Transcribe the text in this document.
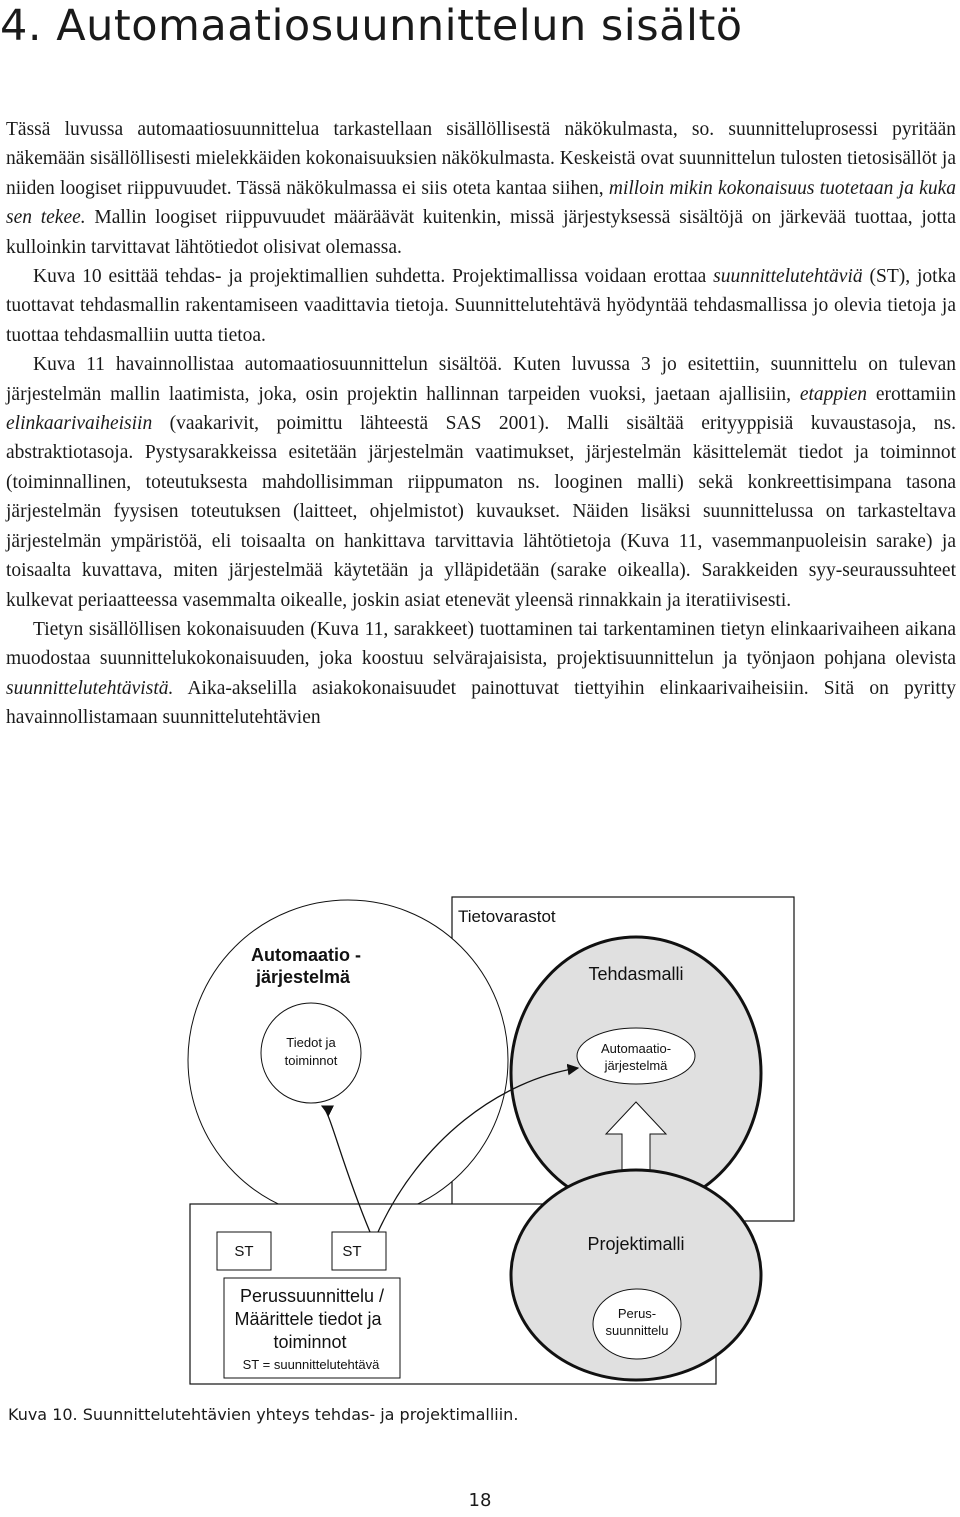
4. Automaatiosuunnittelun sisältö

Tässä luvussa automaatiosuunnittelua tarkastellaan sisällöllisestä näkökulmasta, so. suunnitteluprosessi pyritään näkemään sisällöllisesti mielekkäiden kokonaisuuksien näkökulmasta. Keskeistä ovat suunnittelun tulosten tietosisällöt ja niiden loogiset riippuvuudet. Tässä näkökulmassa ei siis oteta kantaa siihen, milloin mikin kokonaisuus tuotetaan ja kuka sen tekee. Mallin loogiset riippuvuudet määräävät kuitenkin, missä järjestyksessä sisältöjä on järkevää tuottaa, jotta kulloinkin tarvittavat lähtötiedot olisivat olemassa.

Kuva 10 esittää tehdas- ja projektimallien suhdetta. Projektimallissa voidaan erottaa suunnittelutehtäviä (ST), jotka tuottavat tehdasmallin rakentamiseen vaadittavia tietoja. Suunnittelutehtävä hyödyntää tehdasmallissa jo olevia tietoja ja tuottaa tehdasmalliin uutta tietoa.

Kuva 11 havainnollistaa automaatiosuunnittelun sisältöä. Kuten luvussa 3 jo esitettiin, suunnittelu on tulevan järjestelmän mallin laatimista, joka, osin projektin hallinnan tarpeiden vuoksi, jaetaan ajallisiin, etappien erottamiin elinkaarivaiheisiin (vaakarivit, poimittu lähteestä SAS 2001). Malli sisältää erityyppisiä kuvaustasoja, ns. abstraktiotasoja. Pystysarakkeissa esitetään järjestelmän vaatimukset, järjestelmän käsittelemät tiedot ja toiminnot (toiminnallinen, toteutuksesta mahdollisimman riippumaton ns. looginen malli) sekä konkreettisimpana tasona järjestelmän fyysisen toteutuksen (laitteet, ohjelmistot) kuvaukset. Näiden lisäksi suunnittelussa on tarkasteltava järjestelmän ympäristöä, eli toisaalta on hankittava tarvittavia lähtötietoja (Kuva 11, vasemmanpuoleisin sarake) ja toisaalta kuvattava, miten järjestelmää käytetään ja ylläpidetään (sarake oikealla). Sarakkeiden syy-seuraussuhteet kulkevat periaatteessa vasemmalta oikealle, joskin asiat etenevät yleensä rinnakkain ja iteratiivisesti.

Tietyn sisällöllisen kokonaisuuden (Kuva 11, sarakkeet) tuottaminen tai tarkentaminen tietyn elinkaarivaiheen aikana muodostaa suunnittelukokonaisuuden, joka koostuu selvärajaisista, projektisuunnittelun ja työnjaon pohjana olevista suunnittelutehtävistä. Aika-akselilla asiakokonaisuudet painottuvat tiettyihin elinkaarivaiheisiin. Sitä on pyritty havainnollistamaan suunnittelutehtävien

Tietovarastot
Automaatio -
järjestelmä
Tiedot ja
toiminnot
Tehdasmalli
Automaatio-
järjestelmä
Projektimalli
Perus-
suunnittelu
ST	ST
Perussuunnittelu /
Määrittele tiedot ja
toiminnot
ST = suunnittelutehtävä
Kuva 10. Suunnittelutehtävien yhteys tehdas- ja projektimalliin.
18
